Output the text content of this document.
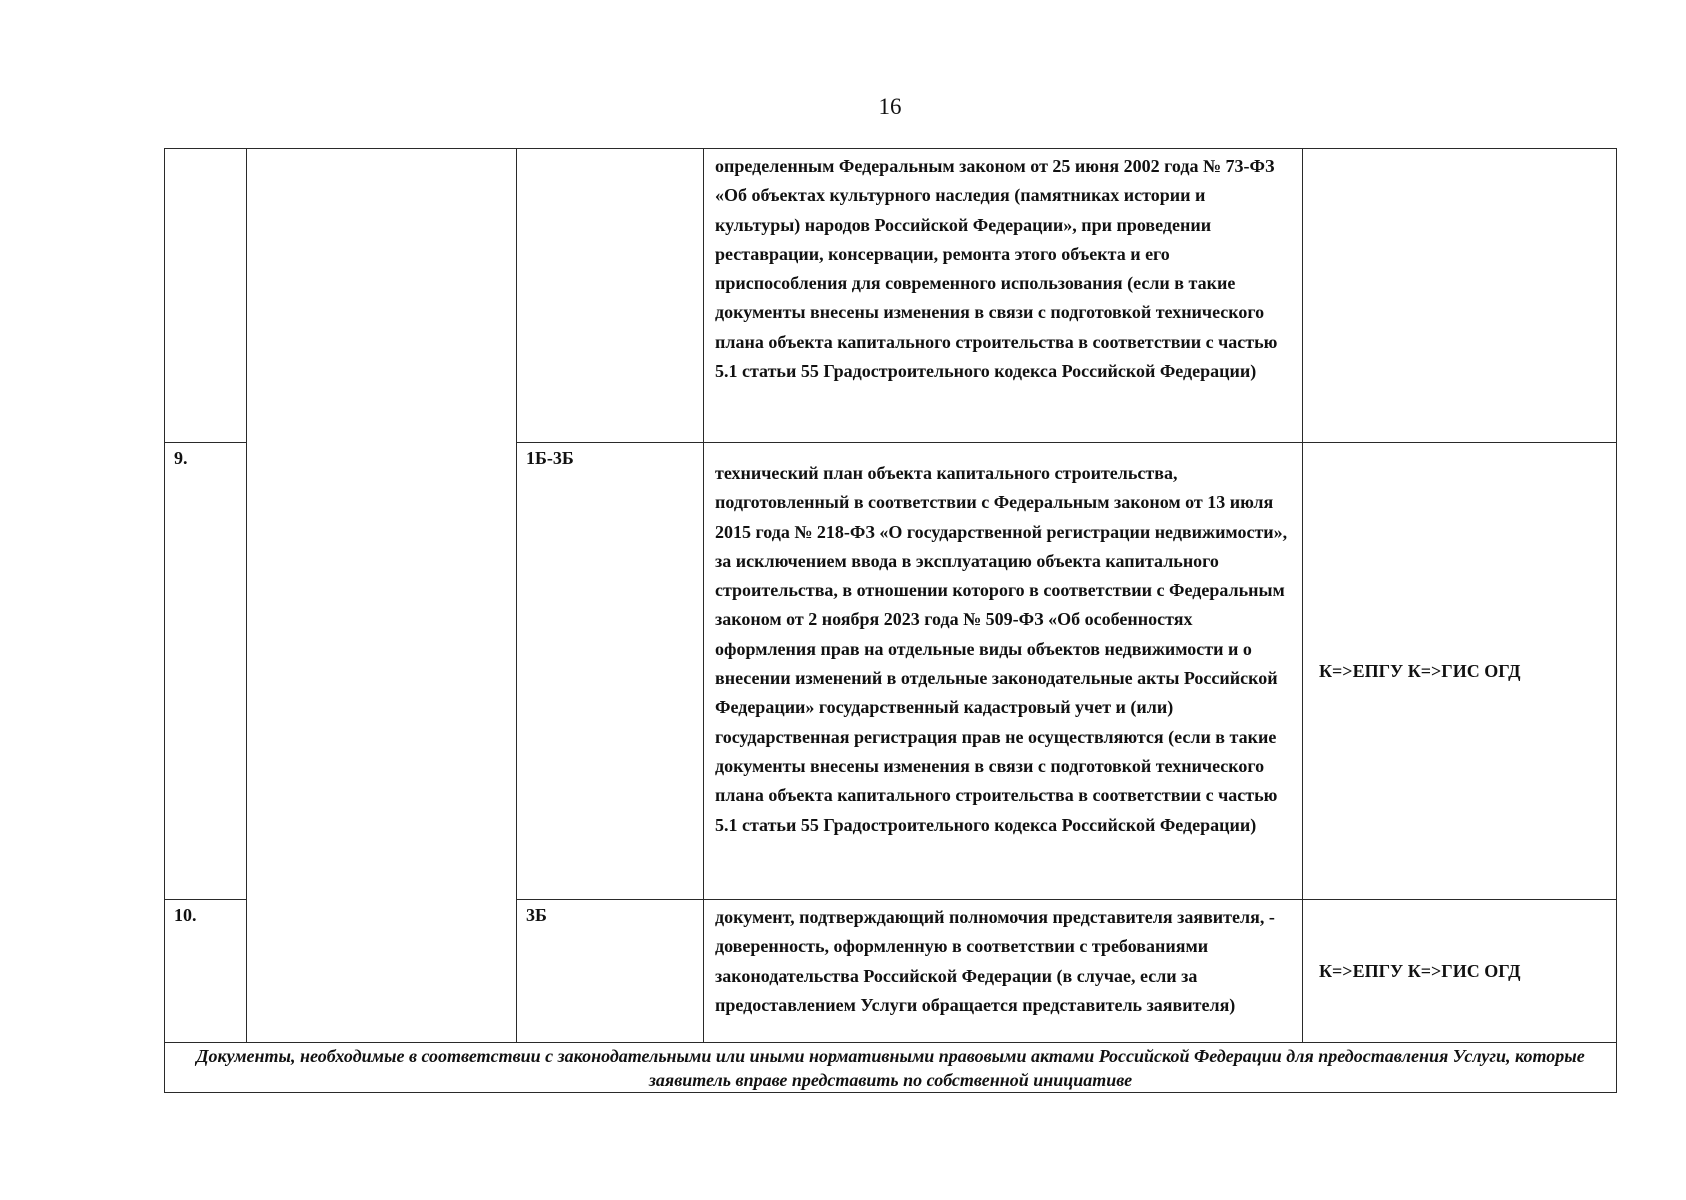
16
			определенным Федеральным законом от 25 июня 2002 года № 73-ФЗ «Об объектах культурного наследия (памятниках истории и культуры) народов Российской Федерации», при проведении реставрации, консервации, ремонта этого объекта и его приспособления для современного использования (если в такие документы внесены изменения в связи с подготовкой технического плана объекта капитального строительства в соответствии с частью 5.1 статьи 55 Градостроительного кодекса Российской Федерации)	
9.		1Б-3Б	технический план объекта капитального строительства, подготовленный в соответствии с Федеральным законом от 13 июля 2015 года № 218-ФЗ «О государственной регистрации недвижимости», за исключением ввода в эксплуатацию объекта капитального строительства, в отношении которого в соответствии с Федеральным законом от 2 ноября 2023 года № 509-ФЗ «Об особенностях оформления прав на отдельные виды объектов недвижимости и о внесении изменений в отдельные законодательные акты Российской Федерации» государственный кадастровый учет и (или) государственная регистрация прав не осуществляются (если в такие документы внесены изменения в связи с подготовкой технического плана объекта капитального строительства в соответствии с частью 5.1 статьи 55 Градостроительного кодекса Российской Федерации)	К=>ЕПГУ К=>ГИС ОГД
10.		3Б	документ, подтверждающий полномочия представителя заявителя, - доверенность, оформленную в соответствии с требованиями законодательства Российской Федерации (в случае, если за предоставлением Услуги обращается представитель заявителя)	К=>ЕПГУ К=>ГИС ОГД
Документы, необходимые в соответствии с законодательными или иными нормативными правовыми актами Российской Федерации для предоставления Услуги, которые заявитель вправе представить по собственной инициативе				
